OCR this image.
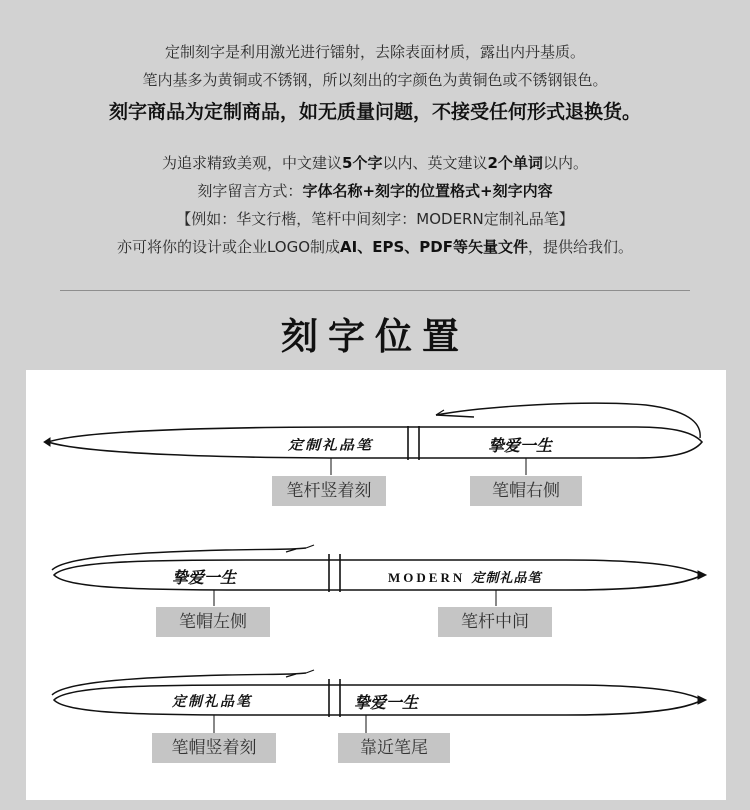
定制刻字是利用激光进行镭射，去除表面材质，露出内丹基质。
笔内基多为黄铜或不锈钢，所以刻出的字颜色为黄铜色或不锈钢银色。
刻字商品为定制商品，如无质量问题，不接受任何形式退换货。
为追求精致美观，中文建议5个字以内、英文建议2个单词以内。
刻字留言方式：字体名称+刻字的位置格式+刻字内容
【例如：华文行楷，笔杆中间刻字：MODERN定制礼品笔】
亦可将你的设计或企业LOGO制成AI、EPS、PDF等矢量文件，提供给我们。
刻字位置
定制礼品笔	挚爱一生
挚爱一生	MODERN 定制礼品笔
定制礼品笔	挚爱一生
笔杆竖着刻	笔帽右侧
笔帽左侧	笔杆中间
笔帽竖着刻	靠近笔尾
